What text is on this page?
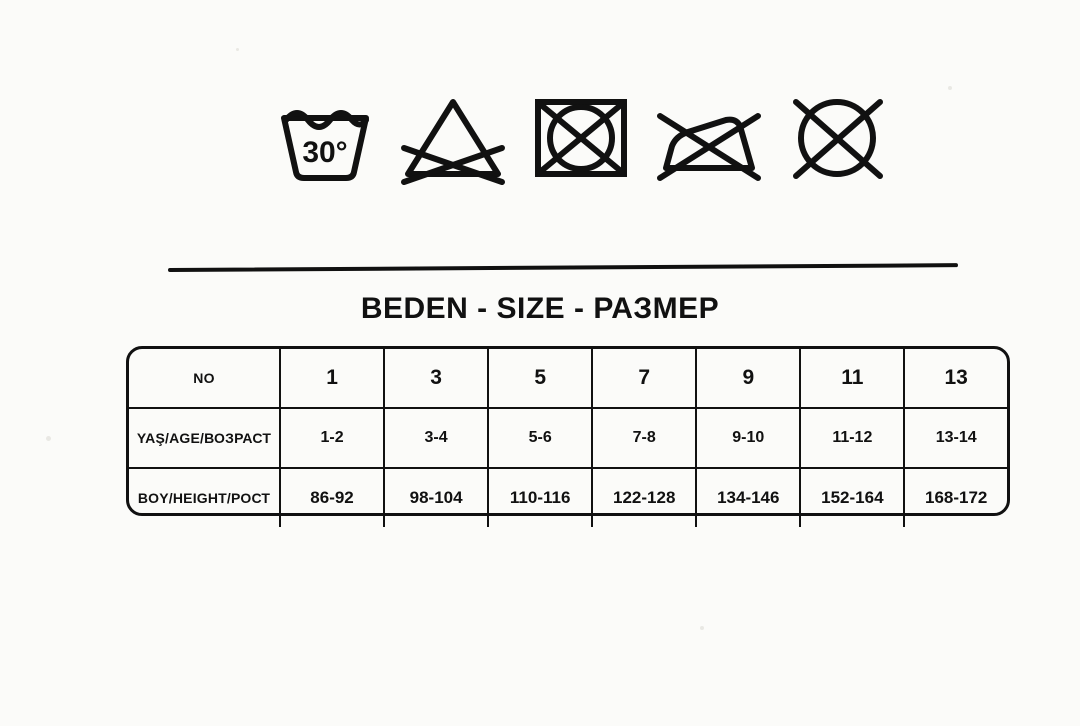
30°
BEDEN - SIZE - РАЗМЕР
NO	1	3	5	7	9	11	13
YAŞ/AGE/ВОЗРАСТ	1-2	3-4	5-6	7-8	9-10	11-12	13-14
BOY/HEIGHT/РОСТ	86-92	98-104	110-116	122-128	134-146	152-164	168-172
